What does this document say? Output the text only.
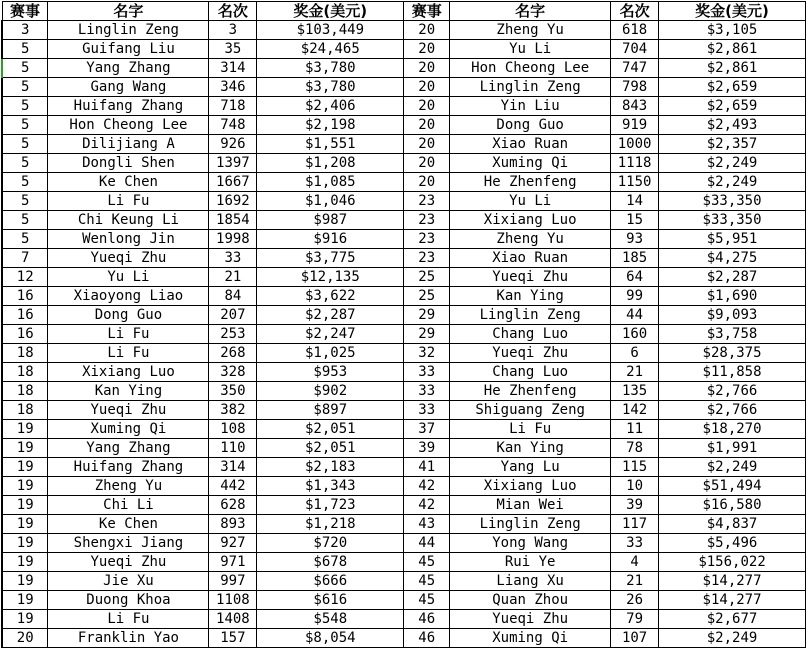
赛事	名字	名次	奖金(美元)	赛事	名字	名次	奖金(美元)
3	Linglin Zeng	3	$103,449	20	Zheng Yu	618	$3,105
5	Guifang Liu	35	$24,465	20	Yu Li	704	$2,861
5	Yang Zhang	314	$3,780	20	Hon Cheong Lee	747	$2,861
5	Gang Wang	346	$3,780	20	Linglin Zeng	798	$2,659
5	Huifang Zhang	718	$2,406	20	Yin Liu	843	$2,659
5	Hon Cheong Lee	748	$2,198	20	Dong Guo	919	$2,493
5	Dilijiang A	926	$1,551	20	Xiao Ruan	1000	$2,357
5	Dongli Shen	1397	$1,208	20	Xuming Qi	1118	$2,249
5	Ke Chen	1667	$1,085	20	He Zhenfeng	1150	$2,249
5	Li Fu	1692	$1,046	23	Yu Li	14	$33,350
5	Chi Keung Li	1854	$987	23	Xixiang Luo	15	$33,350
5	Wenlong Jin	1998	$916	23	Zheng Yu	93	$5,951
7	Yueqi Zhu	33	$3,775	23	Xiao Ruan	185	$4,275
12	Yu Li	21	$12,135	25	Yueqi Zhu	64	$2,287
16	Xiaoyong Liao	84	$3,622	25	Kan Ying	99	$1,690
16	Dong Guo	207	$2,287	29	Linglin Zeng	44	$9,093
16	Li Fu	253	$2,247	29	Chang Luo	160	$3,758
18	Li Fu	268	$1,025	32	Yueqi Zhu	6	$28,375
18	Xixiang Luo	328	$953	33	Chang Luo	21	$11,858
18	Kan Ying	350	$902	33	He Zhenfeng	135	$2,766
18	Yueqi Zhu	382	$897	33	Shiguang Zeng	142	$2,766
19	Xuming Qi	108	$2,051	37	Li Fu	11	$18,270
19	Yang Zhang	110	$2,051	39	Kan Ying	78	$1,991
19	Huifang Zhang	314	$2,183	41	Yang Lu	115	$2,249
19	Zheng Yu	442	$1,343	42	Xixiang Luo	10	$51,494
19	Chi Li	628	$1,723	42	Mian Wei	39	$16,580
19	Ke Chen	893	$1,218	43	Linglin Zeng	117	$4,837
19	Shengxi Jiang	927	$720	44	Yong Wang	33	$5,496
19	Yueqi Zhu	971	$678	45	Rui Ye	4	$156,022
19	Jie Xu	997	$666	45	Liang Xu	21	$14,277
19	Duong Khoa	1108	$616	45	Quan Zhou	26	$14,277
19	Li Fu	1408	$548	46	Yueqi Zhu	79	$2,677
20	Franklin Yao	157	$8,054	46	Xuming Qi	107	$2,249
